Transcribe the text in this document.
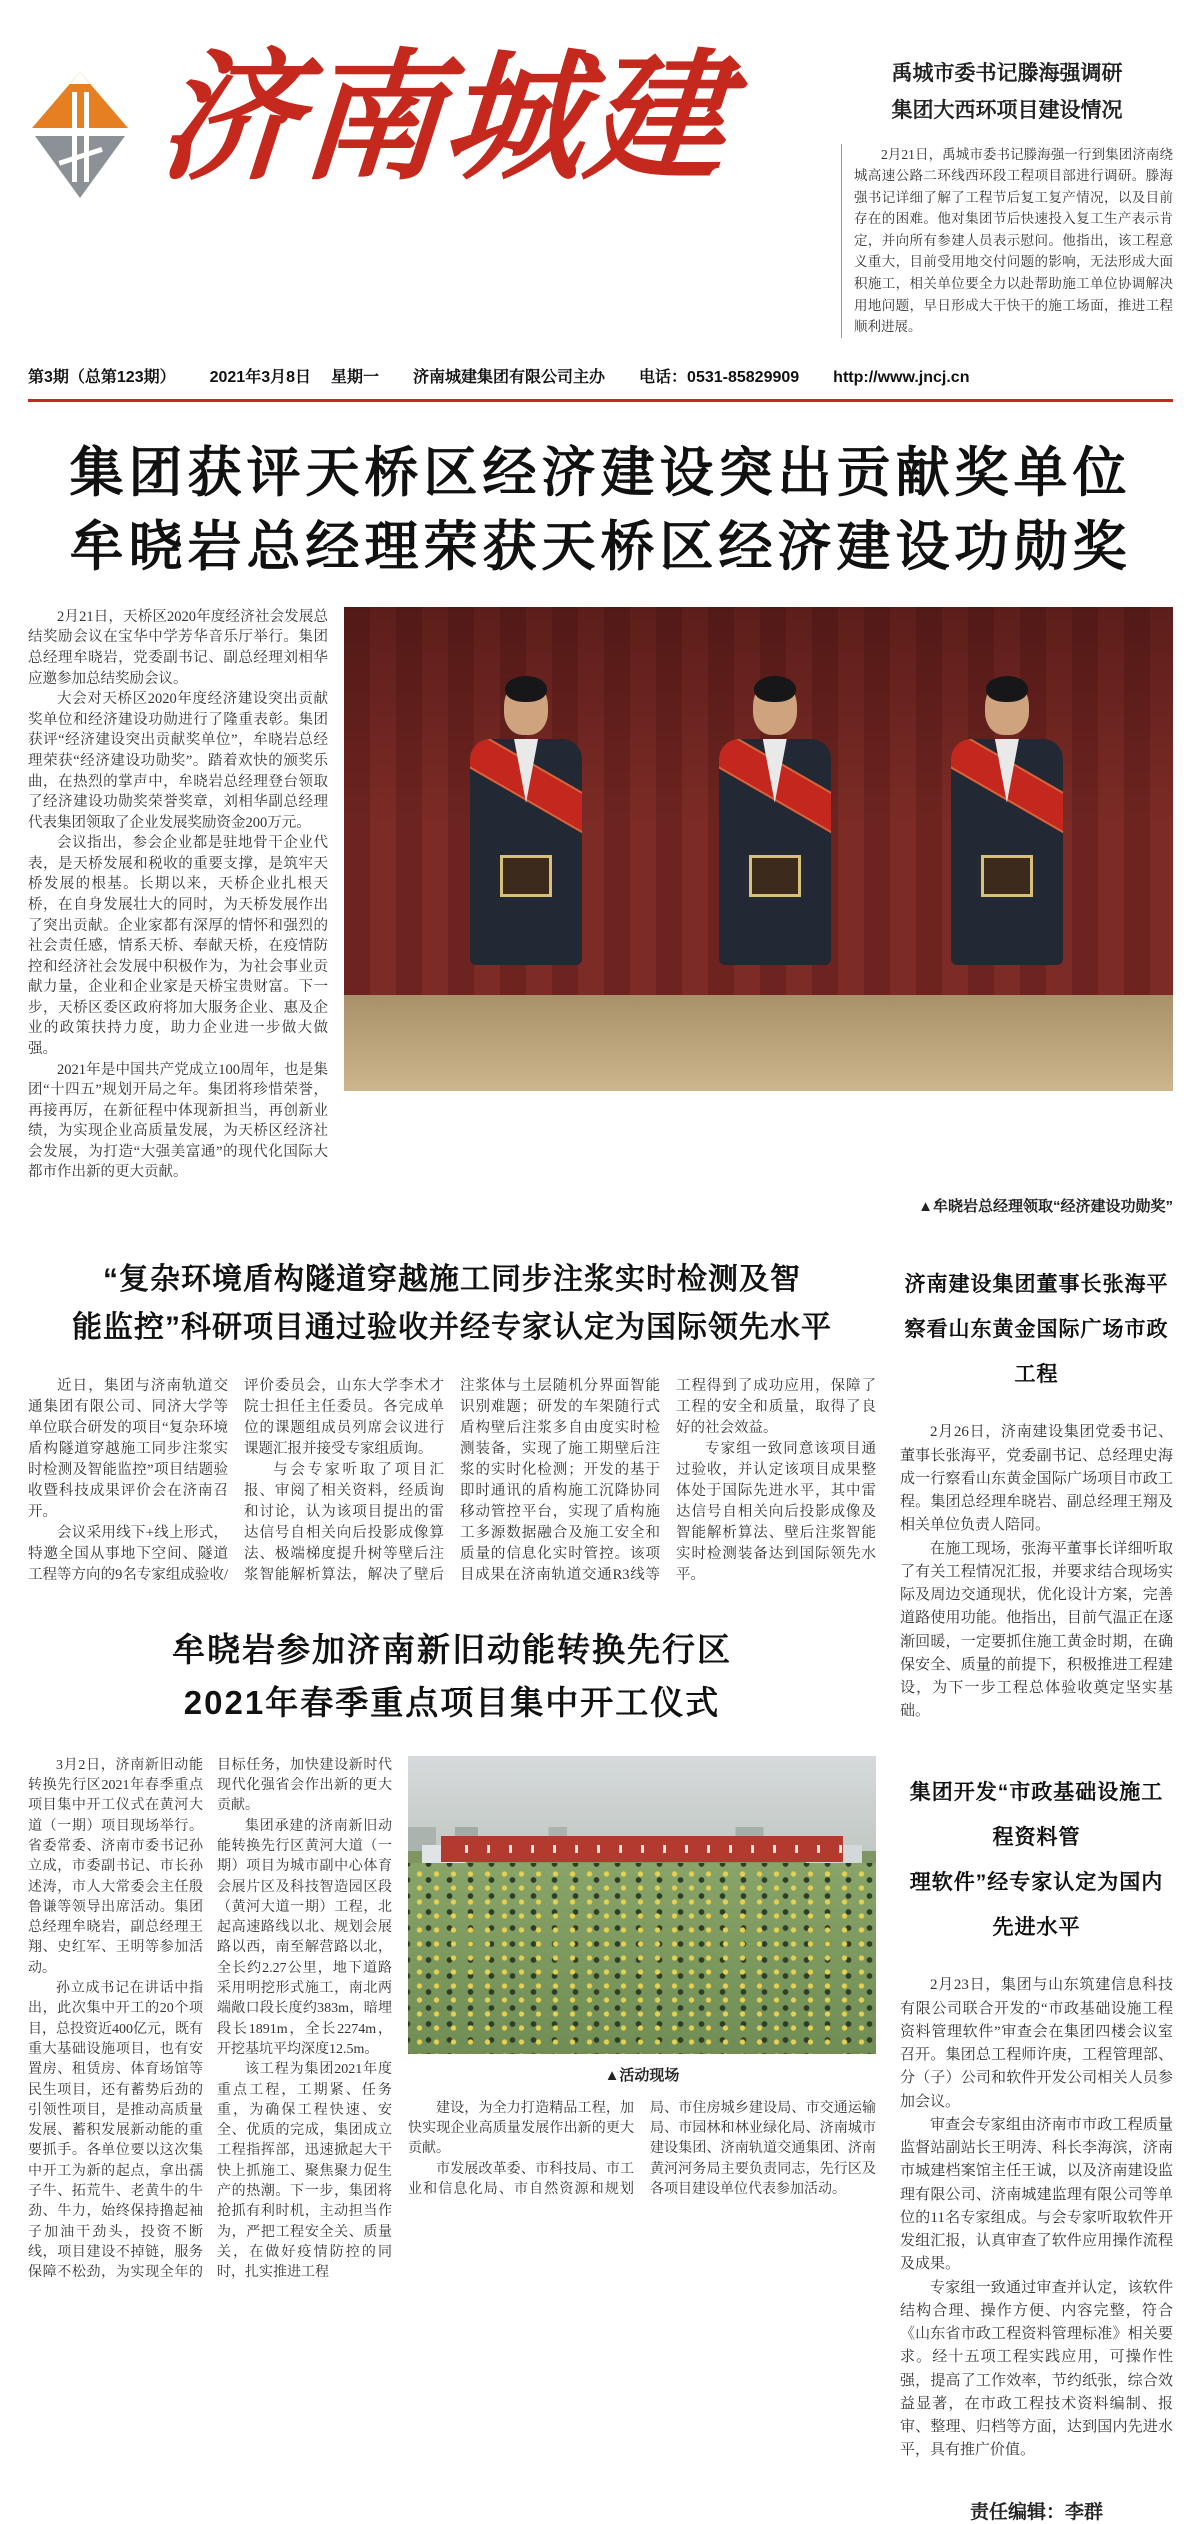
济南城建	禹城市委书记滕海强调研
集团大西环项目建设情况

2月21日，禹城市委书记滕海强一行到集团济南绕城高速公路二环线西环段工程项目部进行调研。滕海强书记详细了解了工程节后复工复产情况，以及目前存在的困难。他对集团节后快速投入复工生产表示肯定，并向所有参建人员表示慰问。他指出，该工程意义重大，目前受用地交付问题的影响，无法形成大面积施工，相关单位要全力以赴帮助施工单位协调解决用地问题，早日形成大干快干的施工场面，推进工程顺利进展。

第3期（总第123期） 2021年3月8日 星期一 济南城建集团有限公司主办 电话：0531-85829909 http://www.jncj.cn
集团获评天桥区经济建设突出贡献奖单位
牟晓岩总经理荣获天桥区经济建设功勋奖

2月21日，天桥区2020年度经济社会发展总结奖励会议在宝华中学芳华音乐厅举行。集团总经理牟晓岩，党委副书记、副总经理刘相华应邀参加总结奖励会议。

大会对天桥区2020年度经济建设突出贡献奖单位和经济建设功勋进行了隆重表彰。集团获评“经济建设突出贡献奖单位”，牟晓岩总经理荣获“经济建设功勋奖”。踏着欢快的颁奖乐曲，在热烈的掌声中，牟晓岩总经理登台领取了经济建设功勋奖荣誉奖章，刘相华副总经理代表集团领取了企业发展奖励资金200万元。

会议指出，参会企业都是驻地骨干企业代表，是天桥发展和税收的重要支撑，是筑牢天桥发展的根基。长期以来，天桥企业扎根天桥，在自身发展壮大的同时，为天桥发展作出了突出贡献。企业家都有深厚的情怀和强烈的社会责任感，情系天桥、奉献天桥，在疫情防控和经济社会发展中积极作为，为社会事业贡献力量，企业和企业家是天桥宝贵财富。下一步，天桥区委区政府将加大服务企业、惠及企业的政策扶持力度，助力企业进一步做大做强。

2021年是中国共产党成立100周年，也是集团“十四五”规划开局之年。集团将珍惜荣誉，再接再厉，在新征程中体现新担当，再创新业绩，为实现企业高质量发展，为天桥区经济社会发展，为打造“大强美富通”的现代化国际大都市作出新的更大贡献。

▲牟晓岩总经理领取“经济建设功勋奖”
“复杂环境盾构隧道穿越施工同步注浆实时检测及智
能监控”科研项目通过验收并经专家认定为国际领先水平

近日，集团与济南轨道交通集团有限公司、同济大学等单位联合研发的项目“复杂环境盾构隧道穿越施工同步注浆实时检测及智能监控”项目结题验收暨科技成果评价会在济南召开。

会议采用线下+线上形式，特邀全国从事地下空间、隧道工程等方向的9名专家组成验收/评价委员会，山东大学李术才院士担任主任委员。各完成单位的课题组成员列席会议进行课题汇报并接受专家组质询。

与会专家听取了项目汇报、审阅了相关资料，经质询和讨论，认为该项目提出的雷达信号自相关向后投影成像算法、极端梯度提升树等壁后注浆智能解析算法，解决了壁后注浆体与土层随机分界面智能识别难题；研发的车架随行式盾构壁后注浆多自由度实时检测装备，实现了施工期壁后注浆的实时化检测；开发的基于即时通讯的盾构施工沉降协同移动管控平台，实现了盾构施工多源数据融合及施工安全和质量的信息化实时管控。该项目成果在济南轨道交通R3线等工程得到了成功应用，保障了工程的安全和质量，取得了良好的社会效益。

专家组一致同意该项目通过验收，并认定该项目成果整体处于国际先进水平，其中雷达信号自相关向后投影成像及智能解析算法、壁后注浆智能实时检测装备达到国际领先水平。

牟晓岩参加济南新旧动能转换先行区
2021年春季重点项目集中开工仪式

3月2日，济南新旧动能转换先行区2021年春季重点项目集中开工仪式在黄河大道（一期）项目现场举行。省委常委、济南市委书记孙立成，市委副书记、市长孙述涛，市人大常委会主任殷鲁谦等领导出席活动。集团总经理牟晓岩，副总经理王翔、史红军、王明等参加活动。

孙立成书记在讲话中指出，此次集中开工的20个项目，总投资近400亿元，既有重大基础设施项目，也有安置房、租赁房、体育场馆等民生项目，还有蓄势后劲的引领性项目，是推动高质量发展、蓄积发展新动能的重要抓手。各单位要以这次集中开工为新的起点，拿出孺子牛、拓荒牛、老黄牛的牛劲、牛力，始终保持撸起袖子加油干劲头，投资不断线，项目建设不掉链，服务保障不松劲，为实现全年的目标任务，加快建设新时代现代化强省会作出新的更大贡献。

集团承建的济南新旧动能转换先行区黄河大道（一期）项目为城市副中心体育会展片区及科技智造园区段（黄河大道一期）工程，北起高速路线以北、规划会展路以西，南至解营路以北，全长约2.27公里，地下道路采用明挖形式施工，南北两端敞口段长度约383m，暗埋段长1891m，全长2274m，开挖基坑平均深度12.5m。

该工程为集团2021年度重点工程，工期紧、任务重，为确保工程快速、安全、优质的完成，集团成立工程指挥部，迅速掀起大干快上抓施工、聚焦聚力促生产的热潮。下一步，集团将抢抓有利时机，主动担当作为，严把工程安全关、质量关，在做好疫情防控的同时，扎实推进工程

▲活动现场

建设，为全力打造精品工程，加快实现企业高质量发展作出新的更大贡献。

市发展改革委、市科技局、市工业和信息化局、市自然资源和规划局、市住房城乡建设局、市交通运输局、市园林和林业绿化局、济南城市建设集团、济南轨道交通集团、济南黄河河务局主要负责同志，先行区及各项目建设单位代表参加活动。

济南建设集团董事长张海平
察看山东黄金国际广场市政工程

2月26日，济南建设集团党委书记、董事长张海平，党委副书记、总经理史海成一行察看山东黄金国际广场项目市政工程。集团总经理牟晓岩、副总经理王翔及相关单位负责人陪同。

在施工现场，张海平董事长详细听取了有关工程情况汇报，并要求结合现场实际及周边交通现状，优化设计方案，完善道路使用功能。他指出，目前气温正在逐渐回暖，一定要抓住施工黄金时期，在确保安全、质量的前提下，积极推进工程建设，为下一步工程总体验收奠定坚实基础。

集团开发“市政基础设施工程资料管
理软件”经专家认定为国内先进水平

2月23日，集团与山东筑建信息科技有限公司联合开发的“市政基础设施工程资料管理软件”审查会在集团四楼会议室召开。集团总工程师许庚，工程管理部、分（子）公司和软件开发公司相关人员参加会议。

审查会专家组由济南市市政工程质量监督站副站长王明涛、科长李海滨，济南市城建档案馆主任王诚，以及济南建设监理有限公司、济南城建监理有限公司等单位的11名专家组成。与会专家听取软件开发组汇报，认真审查了软件应用操作流程及成果。

专家组一致通过审查并认定，该软件结构合理、操作方便、内容完整，符合《山东省市政工程资料管理标准》相关要求。经十五项工程实践应用，可操作性强，提高了工作效率，节约纸张，综合效益显著，在市政工程技术资料编制、报审、整理、归档等方面，达到国内先进水平，具有推广价值。

责任编辑：李群
